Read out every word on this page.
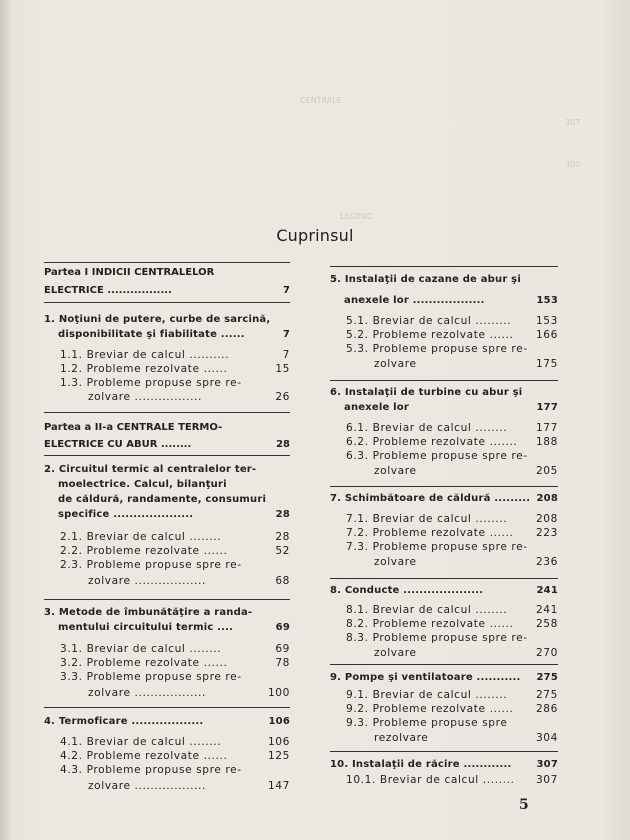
CENTRALE
307
300
LEGEND
Cuprinsul
Partea I INDICII CENTRALELOR
ELECTRICE .................	7
1. Noţiuni de putere, curbe de sarcină,
disponibilitate şi fiabilitate ......	7
1.1. Breviar de calcul ..........	7
1.2. Probleme rezolvate ......	15
1.3. Probleme propuse spre re-
zolvare .................	26
Partea a II-a CENTRALE TERMO-
ELECTRICE CU ABUR ........	28
2. Circuitul termic al centralelor ter-
moelectrice. Calcul, bilanţuri
de căldură, randamente, consumuri
specifice ....................	28
2.1. Breviar de calcul ........	28
2.2. Probleme rezolvate ......	52
2.3. Probleme propuse spre re-
zolvare ..................	68
3. Metode de îmbunătăţire a randa-
mentului circuitului termic ....	69
3.1. Breviar de calcul ........	69
3.2. Probleme rezolvate ......	78
3.3. Probleme propuse spre re-
zolvare ..................	100
4. Termoficare ..................	106
4.1. Breviar de calcul ........	106
4.2. Probleme rezolvate ......	125
4.3. Probleme propuse spre re-
zolvare ..................	147
5. Instalaţii de cazane de abur şi
anexele lor ..................	153
5.1. Breviar de calcul ......... 153
5.2. Probleme rezolvate ...... 166
5.3. Probleme propuse spre re-
zolvare	175
6. Instalaţii de turbine cu abur şi
anexele lor	177
6.1. Breviar de calcul ........	177
6.2. Probleme rezolvate ....... 188
6.3. Probleme propuse spre re-
zolvare	205
7. Schimbătoare de căldură ......... 208
7.1. Breviar de calcul ........	208
7.2. Probleme rezolvate ...... 223
7.3. Probleme propuse spre re-
zolvare	236
8. Conducte ....................	241
8.1. Breviar de calcul ........	241
8.2. Probleme rezolvate ...... 258
8.3. Probleme propuse spre re-
zolvare	270
9. Pompe şi ventilatoare ........... 275
9.1. Breviar de calcul ........	275
9.2. Probleme rezolvate ...... 286
9.3. Probleme propuse spre
rezolvare	304
10. Instalaţii de răcire ............	307
10.1. Breviar de calcul ........ 307
5
